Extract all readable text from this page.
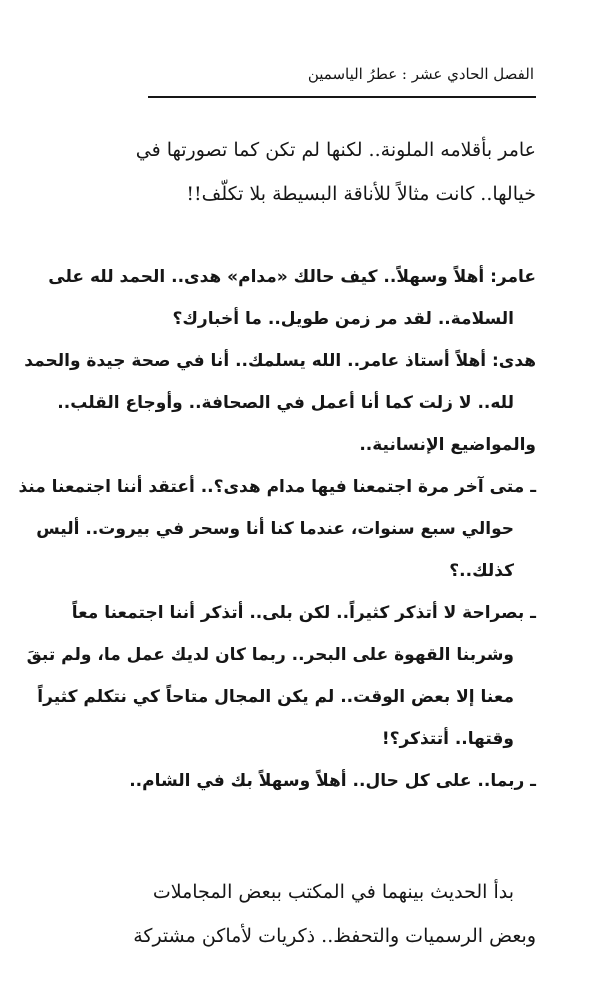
الفصل الحادي عشر : عطرُ الياسمين
عامر بأقلامه الملونة.. لكنها لم تكن كما تصورتها في
خيالها.. كانت مثالاً للأناقة البسيطة بلا تكلّف!!
عامر: أهلاً وسهلاً.. كيف حالك «مدام» هدى.. الحمد لله على
السلامة.. لقد مر زمن طويل.. ما أخبارك؟
هدى: أهلاً أستاذ عامر.. الله يسلمك.. أنا في صحة جيدة والحمد
لله.. لا زلت كما أنا أعمل في الصحافة.. وأوجاع القلب..
والمواضيع الإنسانية..
ـ متى آخر مرة اجتمعنا فيها مدام هدى؟.. أعتقد أننا اجتمعنا منذ
حوالي سبع سنوات، عندما كنا أنا وسحر في بيروت.. أليس
كذلك..؟
ـ بصراحة لا أتذكر كثيراً.. لكن بلى.. أتذكر أننا اجتمعنا معاً
وشربنا القهوة على البحر.. ربما كان لديك عمل ما، ولم تبقَ
معنا إلا بعض الوقت.. لم يكن المجال متاحاً كي نتكلم كثيراً
وقتها.. أتتذكر؟!
ـ ربما.. على كل حال.. أهلاً وسهلاً بك في الشام..
بدأ الحديث بينهما في المكتب ببعض المجاملات
وبعض الرسميات والتحفظ.. ذكريات لأماكن مشتركة
